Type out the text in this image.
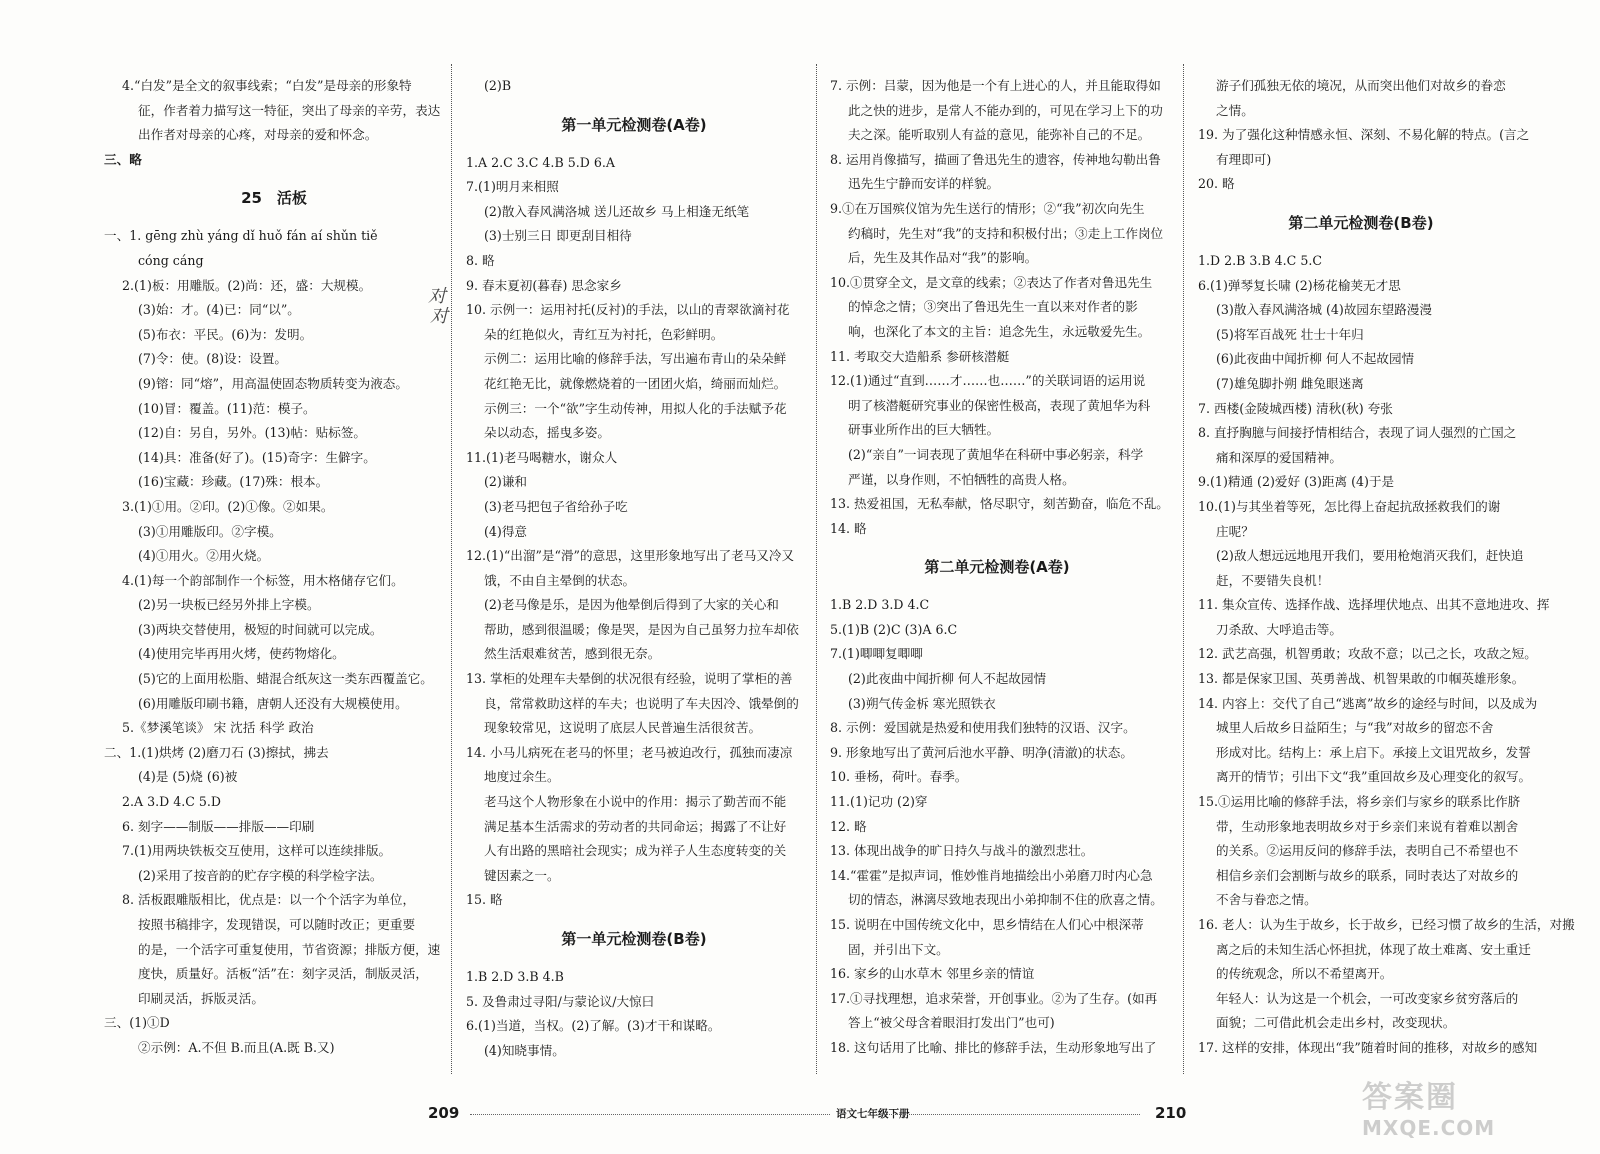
4.“白发”是全文的叙事线索；“白发”是母亲的形象特
征，作者着力描写这一特征，突出了母亲的辛劳，表达
出作者对母亲的心疼，对母亲的爱和怀念。
三、略
25　活板
一、1. gēng zhù yáng dǐ huǒ fán aí shǔn tiě
cóng cáng
2.(1)板：用雕版。(2)尚：还，盛：大规模。
(3)始：才。(4)已：同“以”。
(5)布衣：平民。(6)为：发明。
(7)令：使。(8)设：设置。
(9)镕：同“熔”，用高温使固态物质转变为液态。
(10)冒：覆盖。(11)范：模子。
(12)自：另自，另外。(13)帖：贴标签。
(14)具：准备(好了)。(15)奇字：生僻字。
(16)宝藏：珍藏。(17)殊：根本。
3.(1)①用。②印。(2)①像。②如果。
(3)①用雕版印。②字模。
(4)①用火。②用火烧。
4.(1)每一个韵部制作一个标签，用木格储存它们。
(2)另一块板已经另外排上字模。
(3)两块交替使用，极短的时间就可以完成。
(4)使用完毕再用火烤，使药物熔化。
(5)它的上面用松脂、蜡混合纸灰这一类东西覆盖它。
(6)用雕版印刷书籍，唐朝人还没有大规模使用。
5.《梦溪笔谈》 宋 沈括 科学 政治
二、1.(1)烘烤 (2)磨刀石 (3)擦拭，拂去
(4)是 (5)烧 (6)被
2.A 3.D 4.C 5.D
6. 刻字——制版——排版——印刷
7.(1)用两块铁板交互使用，这样可以连续排版。
(2)采用了按音韵的贮存字模的科学检字法。
8. 活板跟雕版相比，优点是：以一个个活字为单位，
按照书稿排字，发现错误，可以随时改正；更重要
的是，一个活字可重复使用，节省资源；排版方便，速
度快，质量好。活板“活”在：刻字灵活，制版灵活，
印刷灵活，拆版灵活。
三、(1)①D
②示例：A.不但 B.而且(A.既 B.又)
(2)B
第一单元检测卷(A卷)
1.A 2.C 3.C 4.B 5.D 6.A
7.(1)明月来相照
(2)散入春风满洛城 送儿还故乡 马上相逢无纸笔
(3)士别三日 即更刮目相待
8. 略
9. 春末夏初(暮春) 思念家乡
10. 示例一：运用衬托(反衬)的手法，以山的青翠欲滴衬花
朵的红艳似火，青红互为衬托，色彩鲜明。
示例二：运用比喻的修辞手法，写出遍布青山的朵朵鲜
花红艳无比，就像燃烧着的一团团火焰，绮丽而灿烂。
示例三：一个“欲”字生动传神，用拟人化的手法赋予花
朵以动态，摇曳多姿。
11.(1)老马喝糖水，谢众人
(2)谦和
(3)老马把包子省给孙子吃
(4)得意
12.(1)“出溜”是“滑”的意思，这里形象地写出了老马又冷又
饿，不由自主晕倒的状态。
(2)老马像是乐，是因为他晕倒后得到了大家的关心和
帮助，感到很温暖；像是哭，是因为自己虽努力拉车却依
然生活艰难贫苦，感到很无奈。
13. 掌柜的处理车夫晕倒的状况很有经验，说明了掌柜的善
良，常常救助这样的车夫；也说明了车夫因冷、饿晕倒的
现象较常见，这说明了底层人民普遍生活很贫苦。
14. 小马儿病死在老马的怀里；老马被迫改行，孤独而凄凉
地度过余生。
老马这个人物形象在小说中的作用：揭示了勤苦而不能
满足基本生活需求的劳动者的共同命运；揭露了不让好
人有出路的黑暗社会现实；成为祥子人生态度转变的关
键因素之一。
15. 略
第一单元检测卷(B卷)
1.B 2.D 3.B 4.B
5. 及鲁肃过寻阳/与蒙论议/大惊曰
6.(1)当道，当权。(2)了解。(3)才干和谋略。
(4)知晓事情。
7. 示例：吕蒙，因为他是一个有上进心的人，并且能取得如
此之快的进步，是常人不能办到的，可见在学习上下的功
夫之深。能听取别人有益的意见，能弥补自己的不足。
8. 运用肖像描写，描画了鲁迅先生的遗容，传神地勾勒出鲁
迅先生宁静而安详的样貌。
9.①在万国殡仪馆为先生送行的情形；②“我”初次向先生
约稿时，先生对“我”的支持和积极付出；③走上工作岗位
后，先生及其作品对“我”的影响。
10.①贯穿全文，是文章的线索；②表达了作者对鲁迅先生
的悼念之情；③突出了鲁迅先生一直以来对作者的影
响，也深化了本文的主旨：追念先生，永远敬爱先生。
11. 考取交大造船系 参研核潜艇
12.(1)通过“直到……才……也……”的关联词语的运用说
明了核潜艇研究事业的保密性极高，表现了黄旭华为科
研事业所作出的巨大牺牲。
(2)“亲自”一词表现了黄旭华在科研中事必躬亲，科学
严谨，以身作则，不怕牺牲的高贵人格。
13. 热爱祖国，无私奉献，恪尽职守，刻苦勤奋，临危不乱。
14. 略
第二单元检测卷(A卷)
1.B 2.D 3.D 4.C
5.(1)B (2)C (3)A 6.C
7.(1)唧唧复唧唧
(2)此夜曲中闻折柳 何人不起故园情
(3)朔气传金柝 寒光照铁衣
8. 示例：爱国就是热爱和使用我们独特的汉语、汉字。
9. 形象地写出了黄河后池水平静、明净(清澈)的状态。
10. 垂杨，荷叶。春季。
11.(1)记功 (2)穿
12. 略
13. 体现出战争的旷日持久与战斗的激烈悲壮。
14.“霍霍”是拟声词，惟妙惟肖地描绘出小弟磨刀时内心急
切的情态，淋漓尽致地表现出小弟抑制不住的欣喜之情。
15. 说明在中国传统文化中，思乡情结在人们心中根深蒂
固，并引出下文。
16. 家乡的山水草木 邻里乡亲的情谊
17.①寻找理想，追求荣誉，开创事业。②为了生存。(如再
答上“被父母含着眼泪打发出门”也可)
18. 这句话用了比喻、排比的修辞手法，生动形象地写出了
游子们孤独无依的境况，从而突出他们对故乡的眷恋
之情。
19. 为了强化这种情感永恒、深刻、不易化解的特点。(言之
有理即可)
20. 略
第二单元检测卷(B卷)
1.D 2.B 3.B 4.C 5.C
6.(1)弹琴复长啸 (2)杨花榆荚无才思
(3)散入春风满洛城 (4)故园东望路漫漫
(5)将军百战死 壮士十年归
(6)此夜曲中闻折柳 何人不起故园情
(7)雄兔脚扑朔 雌兔眼迷离
7. 西楼(金陵城西楼) 清秋(秋) 夸张
8. 直抒胸臆与间接抒情相结合，表现了词人强烈的亡国之
痛和深厚的爱国精神。
9.(1)精通 (2)爱好 (3)距离 (4)于是
10.(1)与其坐着等死，怎比得上奋起抗敌拯救我们的谢
庄呢？
(2)敌人想远远地甩开我们，要用枪炮消灭我们，赶快追
赶，不要错失良机！
11. 集众宣传、选择作战、选择埋伏地点、出其不意地进攻、挥
刀杀敌、大呼追击等。
12. 武艺高强，机智勇敢；攻敌不意；以己之长，攻敌之短。
13. 都是保家卫国、英勇善战、机智果敢的巾帼英雄形象。
14. 内容上：交代了自己“逃离”故乡的途经与时间，以及成为
城里人后故乡日益陌生；与“我”对故乡的留恋不舍
形成对比。结构上：承上启下。承接上文诅咒故乡，发誓
离开的情节；引出下文“我”重回故乡及心理变化的叙写。
15.①运用比喻的修辞手法，将乡亲们与家乡的联系比作脐
带，生动形象地表明故乡对于乡亲们来说有着难以割舍
的关系。②运用反问的修辞手法，表明自己不希望也不
相信乡亲们会割断与故乡的联系，同时表达了对故乡的
不舍与眷恋之情。
16. 老人：认为生于故乡，长于故乡，已经习惯了故乡的生活，对搬
离之后的未知生活心怀担扰，体现了故土难离、安土重迁
的传统观念，所以不希望离开。
年轻人：认为这是一个机会，一可改变家乡贫穷落后的
面貌；二可借此机会走出乡村，改变现状。
17. 这样的安排，体现出“我”随着时间的推移，对故乡的感知
对
对
209	语文七年级下册	210	答案圈
MXQE.COM
